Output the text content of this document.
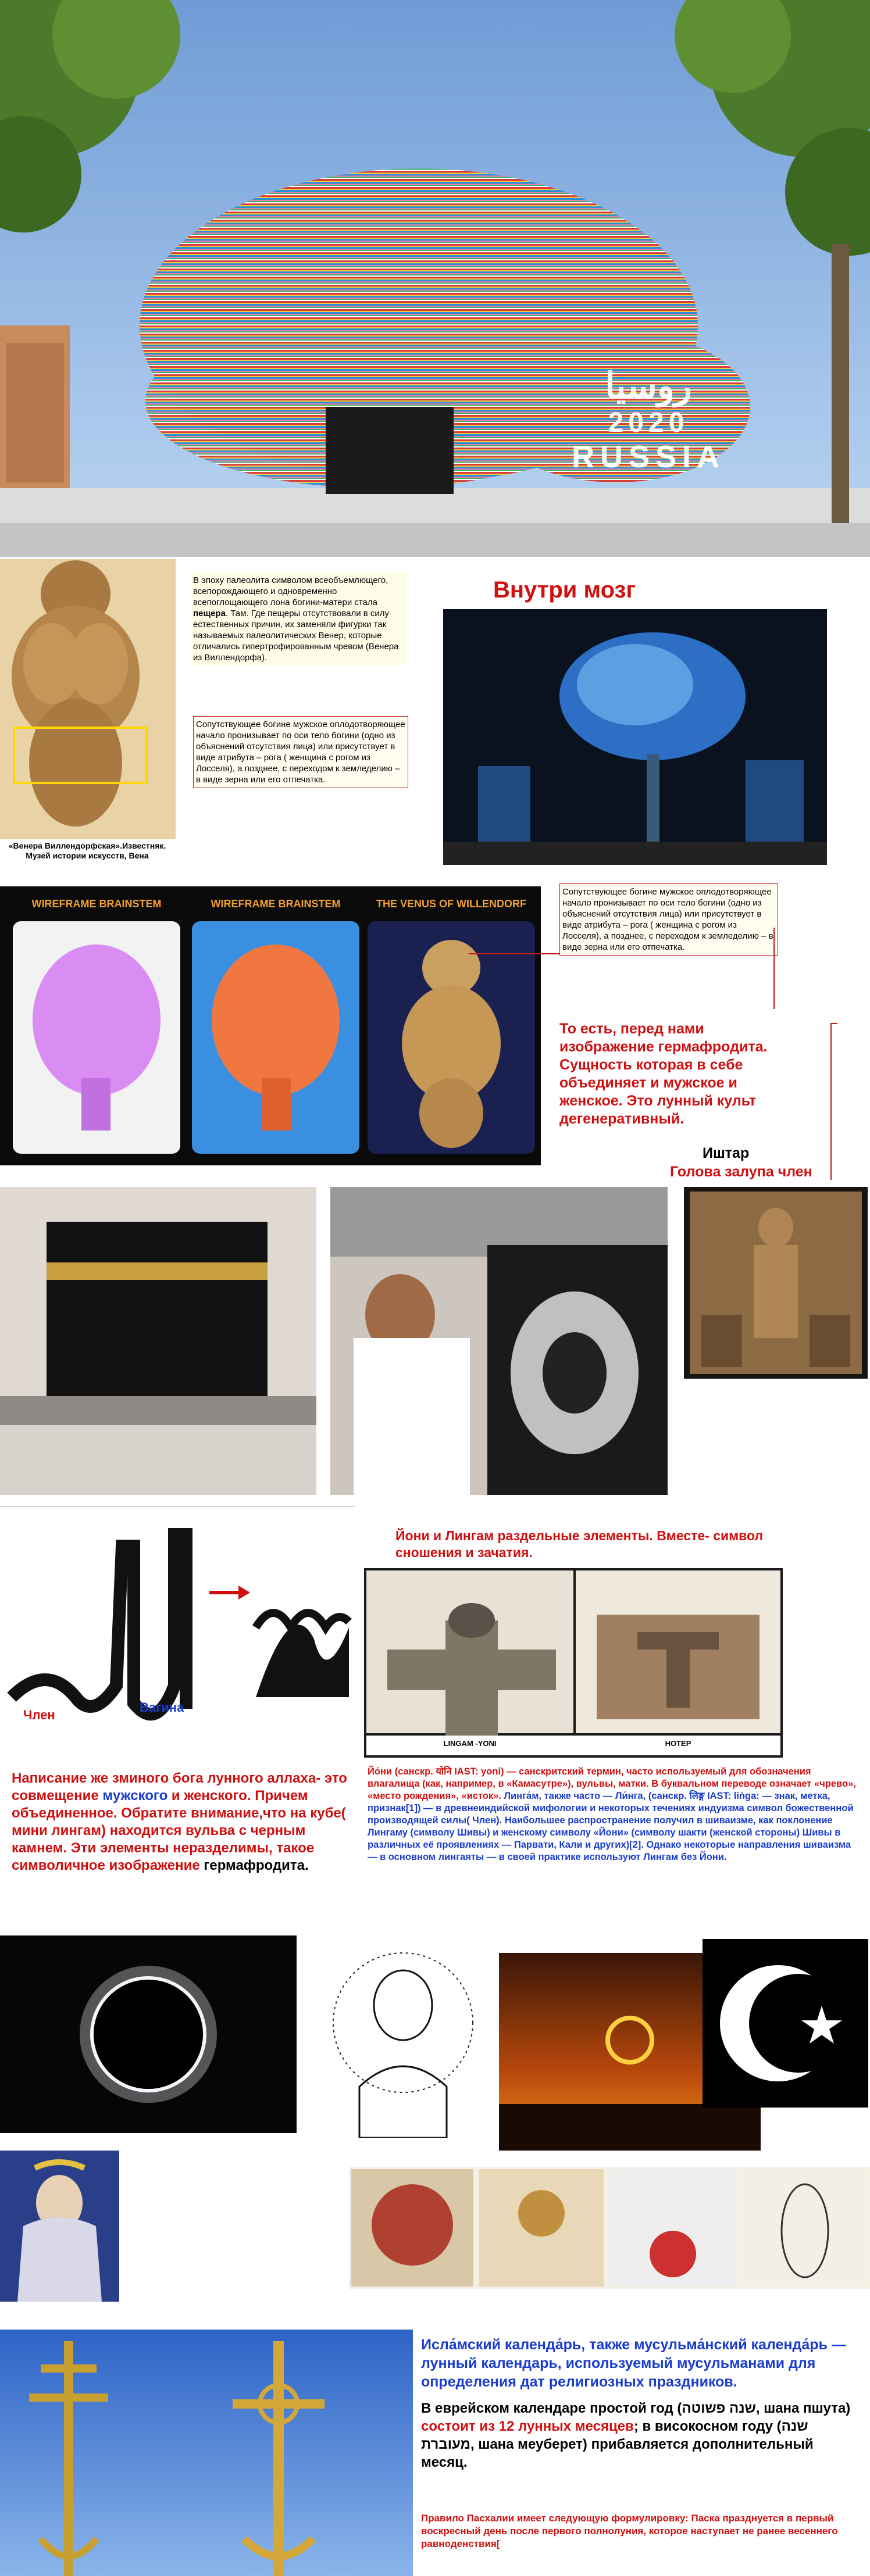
روسيا
2020
RUSSIA
«Венера Виллендорфская».Известняк.
Музей истории искусств, Вена
В эпоху палеолита символом всеобъемлющего, всепорождающего и одновременно всепоглощающего лона богини-матери стала пещера. Там. Где пещеры отсутствовали в силу естественных причин, их заменяли фигурки так называемых палеолитических Венер, которые отличались гипертрофированным чревом (Венера из Виллендорфа).
Сопутствующее богине мужское оплодотворяющее начало пронизывает по оси тело богини (одно из объяснений отсутствия лица) или присутствует в виде атрибута – рога ( женщина с рогом из Лосселя), а позднее, с переходом к земледелию – в виде зерна или его отпечатка.
Внутри мозг
WIREFRAME BRAINSTEM	WIREFRAME BRAINSTEM	THE VENUS OF WILLENDORF
Сопутствующее богине мужское оплодотворяющее начало пронизывает по оси тело богини (одно из объяснений отсутствия лица) или присутствует в виде атрибута – рога ( женщина с рогом из Лосселя), а позднее, с переходом к земледелию – в виде зерна или его отпечатка.
То есть, перед нами изображение гермафродита. Сущность которая в себе объединяет и мужское и женское. Это лунный культ дегенеративный.
Иштар
Голова залупа член
Член
Вагина
Йони и Лингам раздельные элементы. Вместе- символ сношения и зачатия.
LINGAM -YONI	HOTEP
Написание же зминого бога лунного аллаха- это совмещение мужского и женского. Причем объединенное. Обратите внимание,что на кубе( мини лингам) находится вульва с черным камнем. Эти элементы неразделимы, такое символичное изображение гермафродита.
Йо́ни (санскр. योनि IAST: yoni) — санскритский термин, часто используемый для обозначения влагалища (как, например, в «Камасутре»), вульвы, матки. В буквальном переводе означает «чрево», «место рождения», «исток». Линга́м, также часто — Ли́нга, (санскр. लिङ्ग IAST: liṅga: — знак, метка, признак[1]) — в древнеиндийской мифологии и некоторых течениях индуизма символ божественной производящей силы( Член). Наибольшее распространение получил в шиваизме, как поклонение Лингаму (символу Шивы) и женскому символу «Йони» (символу шакти (женской стороны) Шивы в различных её проявлениях — Парвати, Кали и других)[2]. Однако некоторые направления шиваизма — в основном лингаяты — в своей практике используют Лингам без Йони.
Исла́мский календа́рь, также мусульма́нский календа́рь — лунный календарь, используемый мусульманами для определения дат религиозных праздников.
В еврейском календаре простой год (שנה פשוטה, шана пшута) состоит из 12 лунных месяцев; в високосном году (שנה מעוברת, шана меуберет) прибавляется дополнительный месяц.
Правило Пасхалии имеет следующую формулировку: Паска празднуется в первый воскресный день после первого полнолуния, которое наступает не ранее весеннего равноденствия[
